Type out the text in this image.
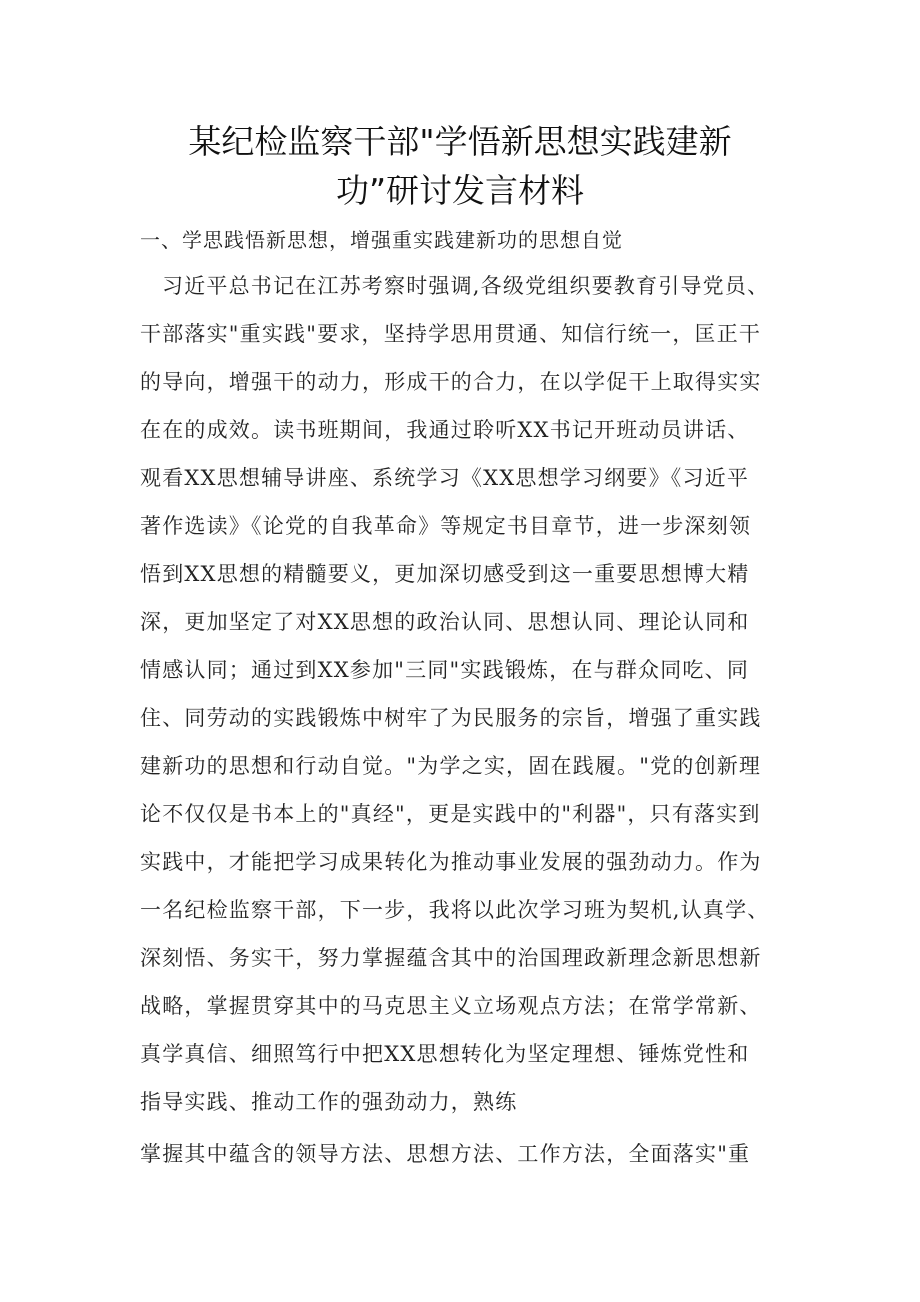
某纪检监察干部"学悟新思想实践建新
功”研讨发言材料
一、学思践悟新思想，增强重实践建新功的思想自觉
习近平总书记在江苏考察时强调,各级党组织要教育引导党员、
干部落实"重实践"要求，坚持学思用贯通、知信行统一，匡正干
的导向，增强干的动力，形成干的合力，在以学促干上取得实实
在在的成效。读书班期间，我通过聆听XX书记开班动员讲话、
观看XX思想辅导讲座、系统学习《XX思想学习纲要》《习近平
著作选读》《论党的自我革命》等规定书目章节，进一步深刻领
悟到XX思想的精髓要义，更加深切感受到这一重要思想博大精
深，更加坚定了对XX思想的政治认同、思想认同、理论认同和
情感认同；通过到XX参加"三同"实践锻炼，在与群众同吃、同
住、同劳动的实践锻炼中树牢了为民服务的宗旨，增强了重实践
建新功的思想和行动自觉。"为学之实，固在践履。"党的创新理
论不仅仅是书本上的"真经"，更是实践中的"利器"，只有落实到
实践中，才能把学习成果转化为推动事业发展的强劲动力。作为
一名纪检监察干部，下一步，我将以此次学习班为契机,认真学、
深刻悟、务实干，努力掌握蕴含其中的治国理政新理念新思想新
战略，掌握贯穿其中的马克思主义立场观点方法；在常学常新、
真学真信、细照笃行中把XX思想转化为坚定理想、锤炼党性和
指导实践、推动工作的强劲动力，熟练
掌握其中蕴含的领导方法、思想方法、工作方法，全面落实"重
